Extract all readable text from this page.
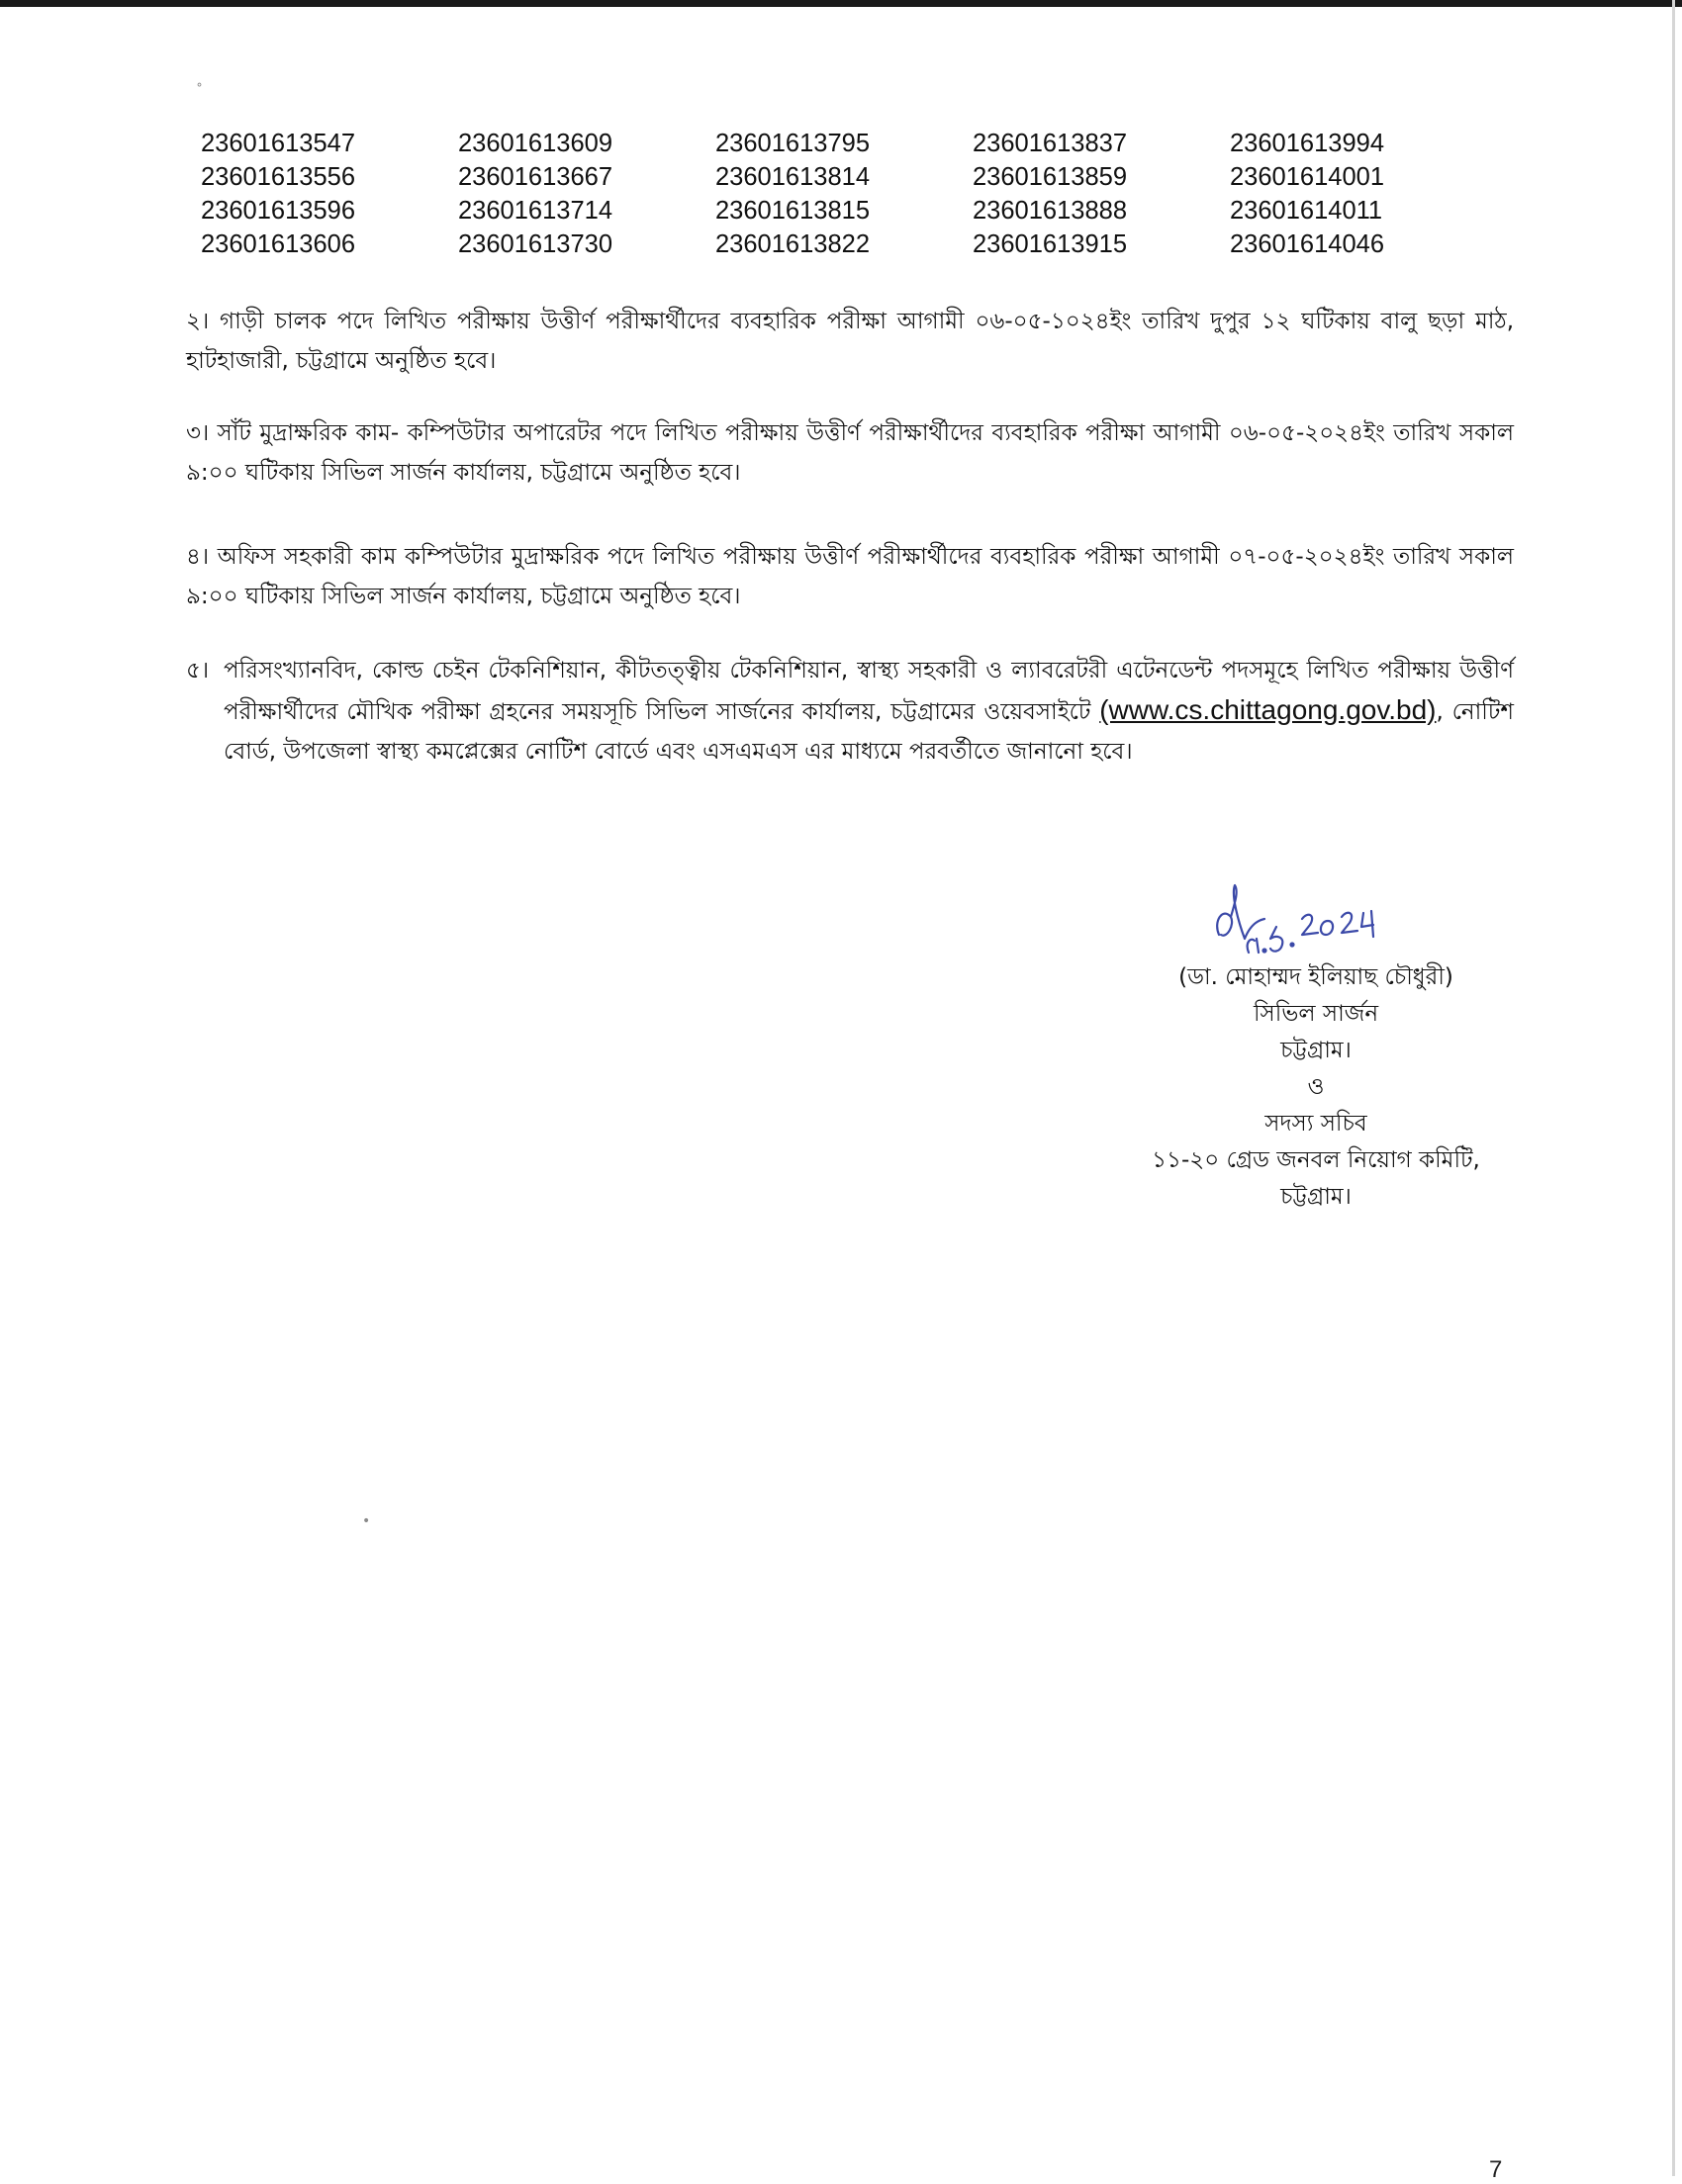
˚
•
23601613547	23601613609	23601613795	23601613837	23601613994
23601613556	23601613667	23601613814	23601613859	23601614001
23601613596	23601613714	23601613815	23601613888	23601614011
23601613606	23601613730	23601613822	23601613915	23601614046
২। গাড়ী চালক পদে লিখিত পরীক্ষায় উত্তীর্ণ পরীক্ষার্থীদের ব্যবহারিক পরীক্ষা আগামী ০৬-০৫-১০২৪ইং তারিখ দুপুর ১২ ঘটিকায় বালু ছড়া মাঠ, হাটহাজারী, চট্টগ্রামে অনুষ্ঠিত হবে।
৩। সাঁট মুদ্রাক্ষরিক কাম- কম্পিউটার অপারেটর পদে লিখিত পরীক্ষায় উত্তীর্ণ পরীক্ষার্থীদের ব্যবহারিক পরীক্ষা আগামী ০৬-০৫-২০২৪ইং তারিখ সকাল ৯:০০ ঘটিকায় সিভিল সার্জন কার্যালয়, চট্টগ্রামে অনুষ্ঠিত হবে।
৪। অফিস সহকারী কাম কম্পিউটার মুদ্রাক্ষরিক পদে লিখিত পরীক্ষায় উত্তীর্ণ পরীক্ষার্থীদের ব্যবহারিক পরীক্ষা আগামী ০৭-০৫-২০২৪ইং তারিখ সকাল ৯:০০ ঘটিকায় সিভিল সার্জন কার্যালয়, চট্টগ্রামে অনুষ্ঠিত হবে।
৫। পরিসংখ্যানবিদ, কোল্ড চেইন টেকনিশিয়ান, কীটতত্ত্বীয় টেকনিশিয়ান, স্বাস্থ্য সহকারী ও ল্যাবরেটরী এটেনডেন্ট পদসমূহে লিখিত পরীক্ষায় উত্তীর্ণ পরীক্ষার্থীদের মৌখিক পরীক্ষা গ্রহনের সময়সূচি সিভিল সার্জনের কার্যালয়, চট্টগ্রামের ওয়েবসাইটে (www.cs.chittagong.gov.bd), নোটিশ বোর্ড, উপজেলা স্বাস্থ্য কমপ্লেক্সের নোটিশ বোর্ডে এবং এসএমএস এর মাধ্যমে পরবর্তীতে জানানো হবে।
(ডা. মোহাম্মদ ইলিয়াছ চৌধুরী)
সিভিল সার্জন
চট্টগ্রাম।
ও
সদস্য সচিব
১১-২০ গ্রেড জনবল নিয়োগ কমিটি,
চট্টগ্রাম।
7
